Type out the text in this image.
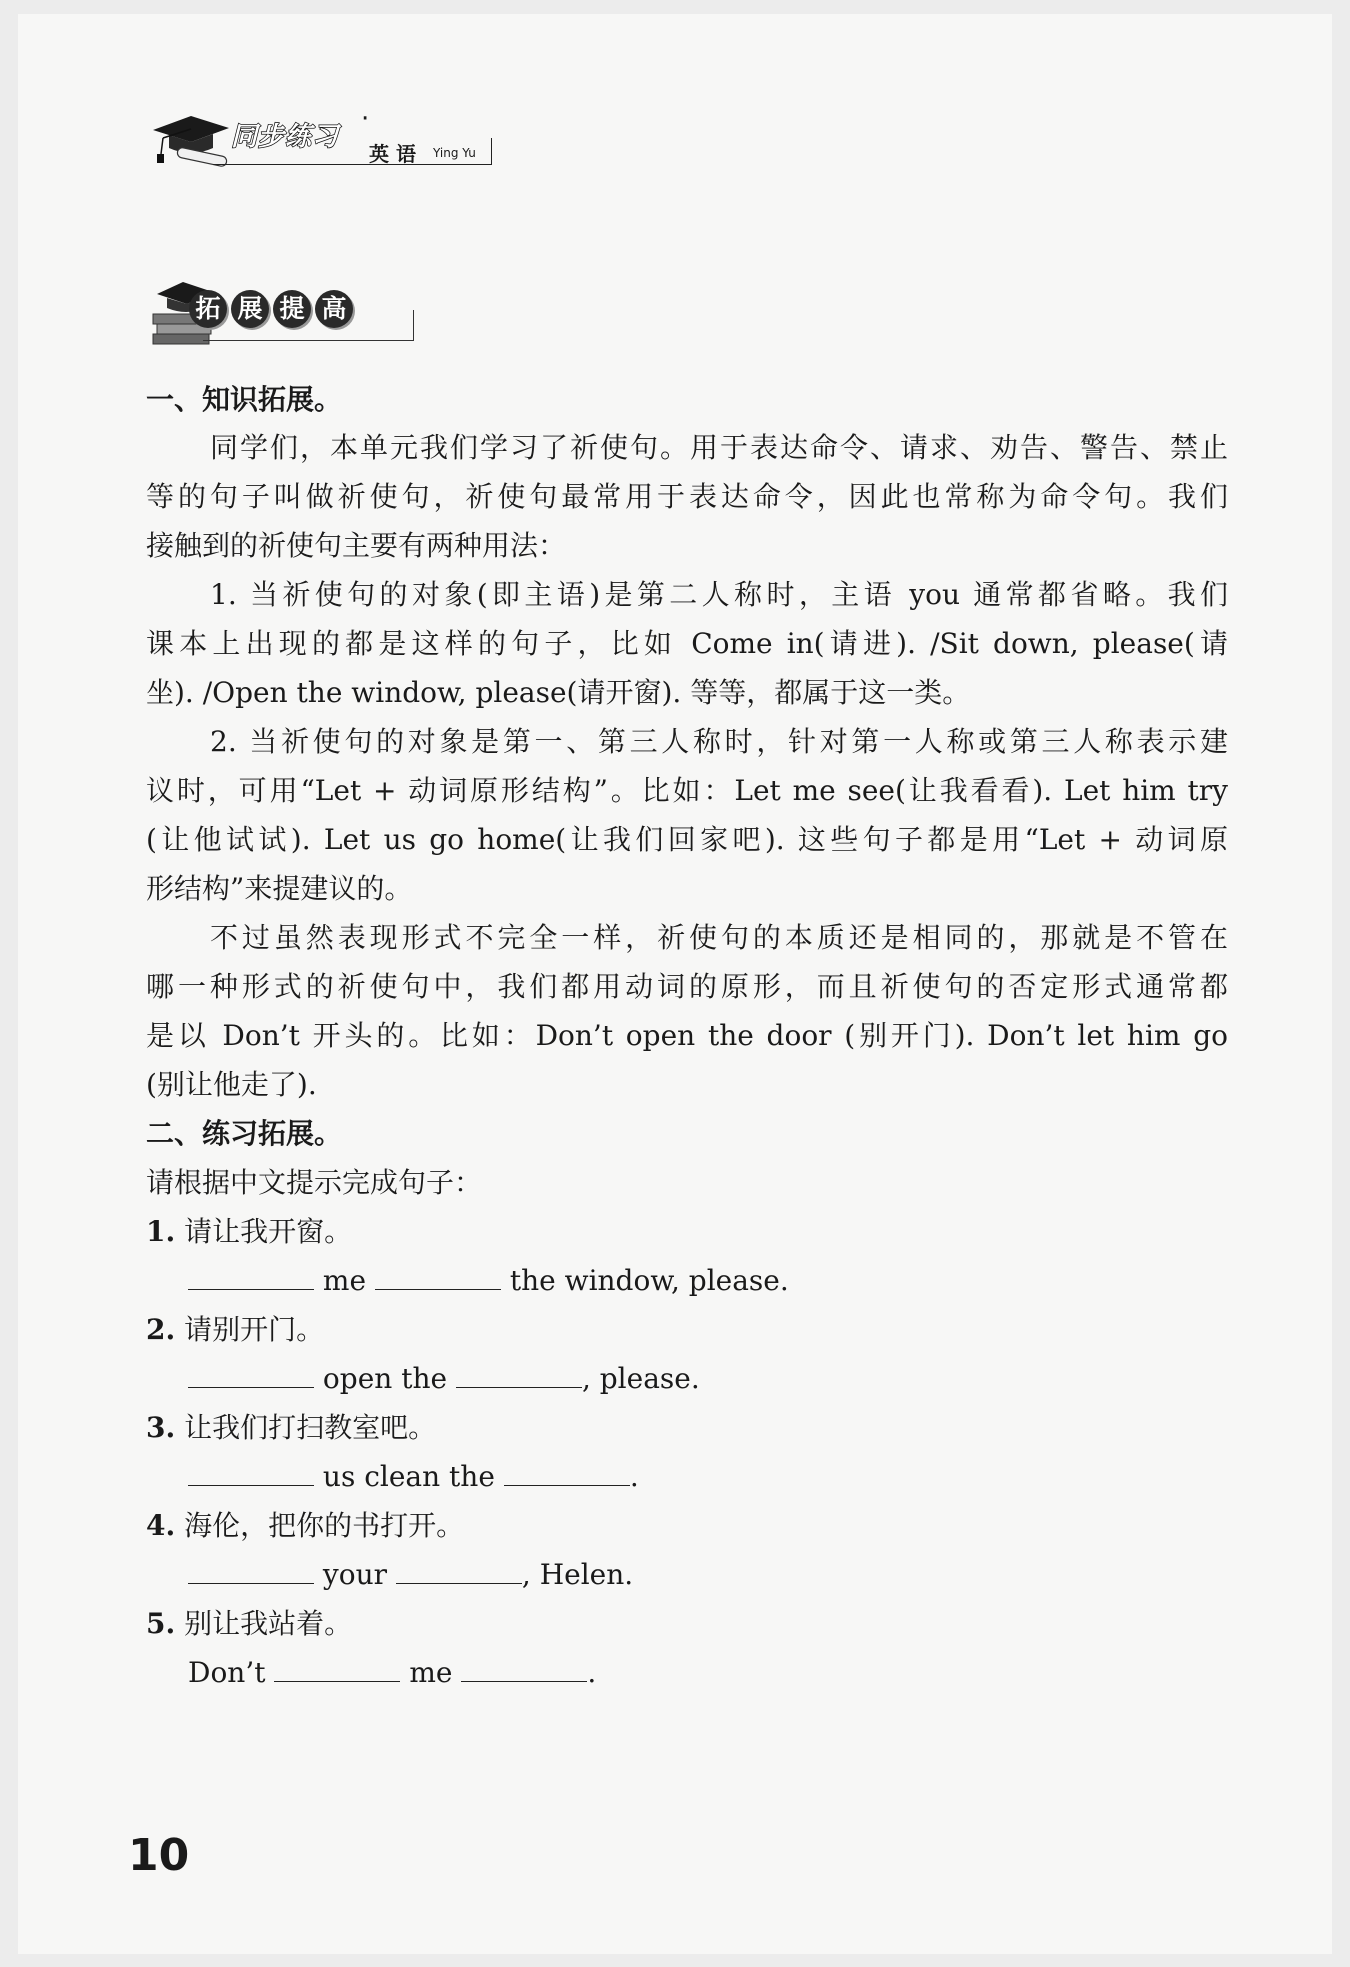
同步练习
·
英 语 Ying Yu
拓 展 提 高
一、知识拓展。
同学们，本单元我们学习了祈使句。用于表达命令、请求、劝告、警告、禁止
等的句子叫做祈使句，祈使句最常用于表达命令，因此也常称为命令句。我们
接触到的祈使句主要有两种用法：
1. 当祈使句的对象(即主语)是第二人称时，主语 you 通常都省略。我们
课本上出现的都是这样的句子，比如 Come in(请进). /Sit down, please(请
坐). /Open the window, please(请开窗). 等等，都属于这一类。
2. 当祈使句的对象是第一、第三人称时，针对第一人称或第三人称表示建
议时，可用“Let + 动词原形结构”。比如：Let me see(让我看看). Let him try
(让他试试). Let us go home(让我们回家吧). 这些句子都是用“Let + 动词原
形结构”来提建议的。
不过虽然表现形式不完全一样，祈使句的本质还是相同的，那就是不管在
哪一种形式的祈使句中，我们都用动词的原形，而且祈使句的否定形式通常都
是以 Don’t 开头的。比如：Don’t open the door (别开门). Don’t let him go
(别让他走了).
二、练习拓展。
请根据中文提示完成句子：
1. 请让我开窗。
me	the window, please.
2. 请别开门。
open the	, please.
3. 让我们打扫教室吧。
us clean the	.
4. 海伦，把你的书打开。
your	, Helen.
5. 别让我站着。
Don’t	me	.
10
